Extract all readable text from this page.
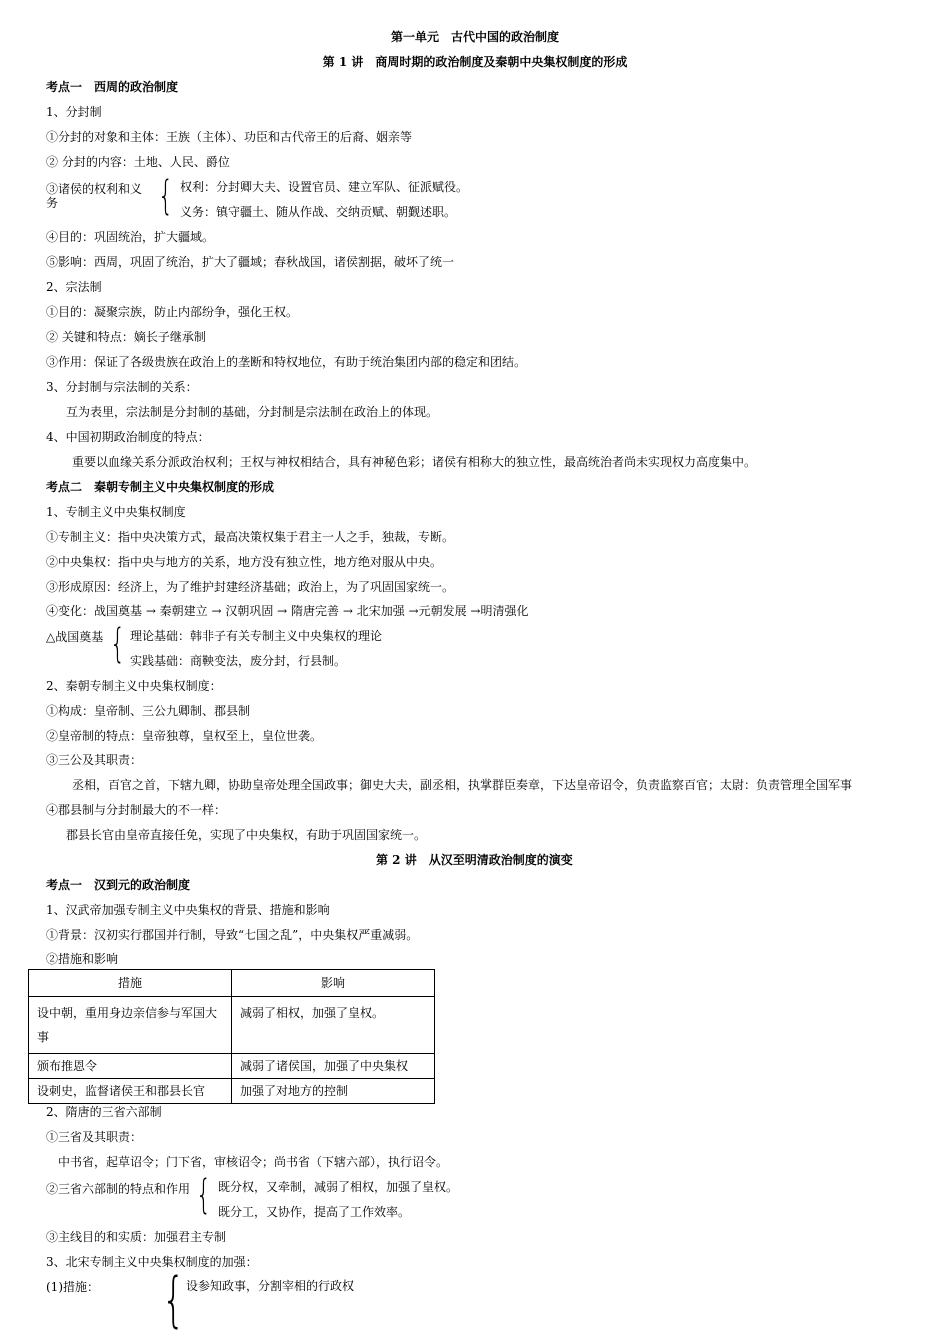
第一单元　古代中国的政治制度
第 1 讲　商周时期的政治制度及秦朝中央集权制度的形成
考点一　西周的政治制度
1、分封制
①分封的对象和主体：王族（主体）、功臣和古代帝王的后裔、姻亲等
② 分封的内容：土地、人民、爵位
③诸侯的权利和义
务 { 权利：分封卿大夫、设置官员、建立军队、征派赋役。
义务：镇守疆土、随从作战、交纳贡赋、朝觐述职。
④目的：巩固统治，扩大疆域。
⑤影响：西周，巩固了统治，扩大了疆域；春秋战国，诸侯割据，破坏了统一
2、宗法制
①目的：凝聚宗族，防止内部纷争，强化王权。
② 关键和特点：嫡长子继承制
③作用：保证了各级贵族在政治上的垄断和特权地位，有助于统治集团内部的稳定和团结。
3、分封制与宗法制的关系：
互为表里，宗法制是分封制的基础，分封制是宗法制在政治上的体现。
4、中国初期政治制度的特点：
重要以血缘关系分派政治权利；王权与神权相结合，具有神秘色彩；诸侯有相称大的独立性，最高统治者尚未实现权力高度集中。
考点二　秦朝专制主义中央集权制度的形成
1、专制主义中央集权制度
①专制主义：指中央决策方式，最高决策权集于君主一人之手，独裁，专断。
②中央集权：指中央与地方的关系，地方没有独立性，地方绝对服从中央。
③形成原因：经济上，为了维护封建经济基础；政治上，为了巩固国家统一。
④变化：战国奠基 → 秦朝建立 → 汉朝巩固 → 隋唐完善 → 北宋加强 →元朝发展 →明清强化
△战国奠基 { 理论基础：韩非子有关专制主义中央集权的理论
实践基础：商鞅变法，废分封，行县制。
2、秦朝专制主义中央集权制度：
①构成：皇帝制、三公九卿制、郡县制
②皇帝制的特点：皇帝独尊，皇权至上，皇位世袭。
③三公及其职责：
丞相，百官之首，下辖九卿，协助皇帝处理全国政事；御史大夫，副丞相，执掌群臣奏章，下达皇帝诏令，负责监察百官；太尉：负责管理全国军事
④郡县制与分封制最大的不一样：
郡县长官由皇帝直接任免，实现了中央集权，有助于巩固国家统一。
第 2 讲　从汉至明清政治制度的演变
考点一　汉到元的政治制度
1、汉武帝加强专制主义中央集权的背景、措施和影响
①背景：汉初实行郡国并行制，导致“七国之乱”，中央集权严重减弱。
②措施和影响
措施	影响
设中朝，重用身边亲信参与军国大事	减弱了相权，加强了皇权。
颁布推恩令	减弱了诸侯国，加强了中央集权
设刺史，监督诸侯王和郡县长官	加强了对地方的控制
2、隋唐的三省六部制
①三省及其职责：
中书省，起草诏令；门下省，审核诏令；尚书省（下辖六部），执行诏令。
②三省六部制的特点和作用 { 既分权，又牵制，减弱了相权，加强了皇权。
既分工，又协作，提高了工作效率。
③主线目的和实质：加强君主专制
3、北宋专制主义中央集权制度的加强：
(1)措施： { 设参知政事，分割宰相的行政权
